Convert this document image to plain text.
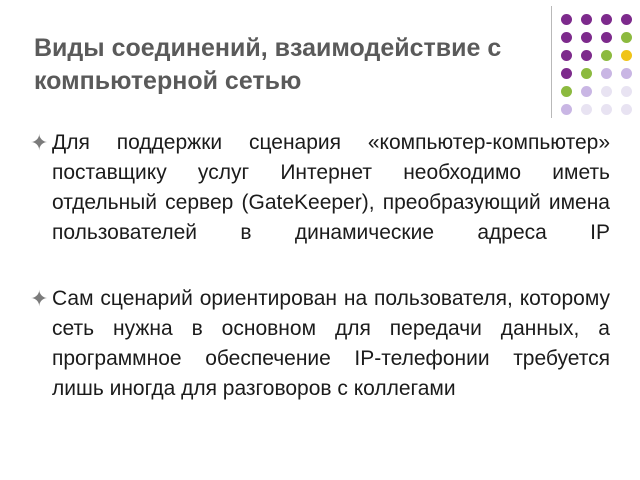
Виды соединений, взаимодействие с компьютерной сетью
✦ Для поддержки сценария «компьютер-компьютер» поставщику услуг Интернет необходимо иметь отдельный сервер (GateKeeper), преобразующий имена пользователей в динамические адреса IP
✦ Сам сценарий ориентирован на пользователя, которому сеть нужна в основном для передачи данных, а программное обеспечение IP-телефонии требуется лишь иногда для разговоров с коллегами
